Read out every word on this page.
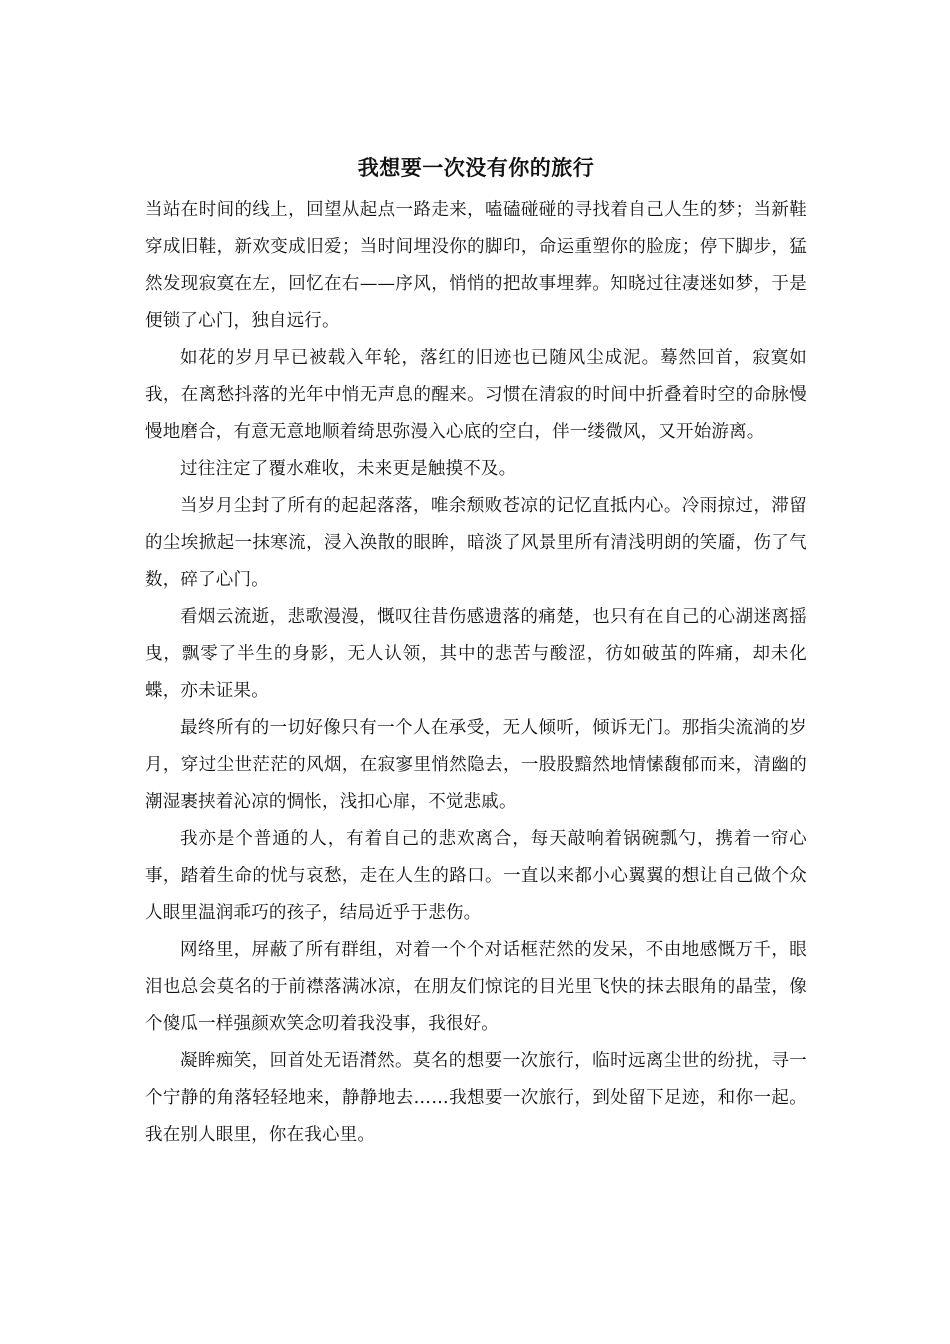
我想要一次没有你的旅行

当站在时间的线上，回望从起点一路走来，嗑磕碰碰的寻找着自己人生的梦；当新鞋穿成旧鞋，新欢变成旧爱；当时间埋没你的脚印，命运重塑你的脸庞；停下脚步，猛然发现寂寞在左，回忆在右——序风，悄悄的把故事埋葬。知晓过往凄迷如梦，于是便锁了心门，独自远行。

如花的岁月早已被载入年轮，落红的旧迹也已随风尘成泥。蓦然回首，寂寞如我，在离愁抖落的光年中悄无声息的醒来。习惯在清寂的时间中折叠着时空的命脉慢慢地磨合，有意无意地顺着绮思弥漫入心底的空白，伴一缕微风，又开始游离。

过往注定了覆水难收，未来更是触摸不及。

当岁月尘封了所有的起起落落，唯余颓败苍凉的记忆直抵内心。冷雨掠过，滞留的尘埃掀起一抹寒流，浸入涣散的眼眸，暗淡了风景里所有清浅明朗的笑靥，伤了气数，碎了心门。

看烟云流逝，悲歌漫漫，慨叹往昔伤感遗落的痛楚，也只有在自己的心湖迷离摇曳，飘零了半生的身影，无人认领，其中的悲苦与酸涩，彷如破茧的阵痛，却未化蝶，亦未证果。

最终所有的一切好像只有一个人在承受，无人倾听，倾诉无门。那指尖流淌的岁月，穿过尘世茫茫的风烟，在寂寥里悄然隐去，一股股黯然地情愫馥郁而来，清幽的潮湿裹挟着沁凉的惆怅，浅扣心扉，不觉悲戚。

我亦是个普通的人，有着自己的悲欢离合，每天敲响着锅碗瓢勺，携着一帘心事，踏着生命的忧与哀愁，走在人生的路口。一直以来都小心翼翼的想让自己做个众人眼里温润乖巧的孩子，结局近乎于悲伤。

网络里，屏蔽了所有群组，对着一个个对话框茫然的发呆，不由地感慨万千，眼泪也总会莫名的于前襟落满冰凉，在朋友们惊诧的目光里飞快的抹去眼角的晶莹，像个傻瓜一样强颜欢笑念叨着我没事，我很好。

凝眸痴笑，回首处无语潸然。莫名的想要一次旅行，临时远离尘世的纷扰，寻一个宁静的角落轻轻地来，静静地去……我想要一次旅行，到处留下足迹，和你一起。我在别人眼里，你在我心里。
